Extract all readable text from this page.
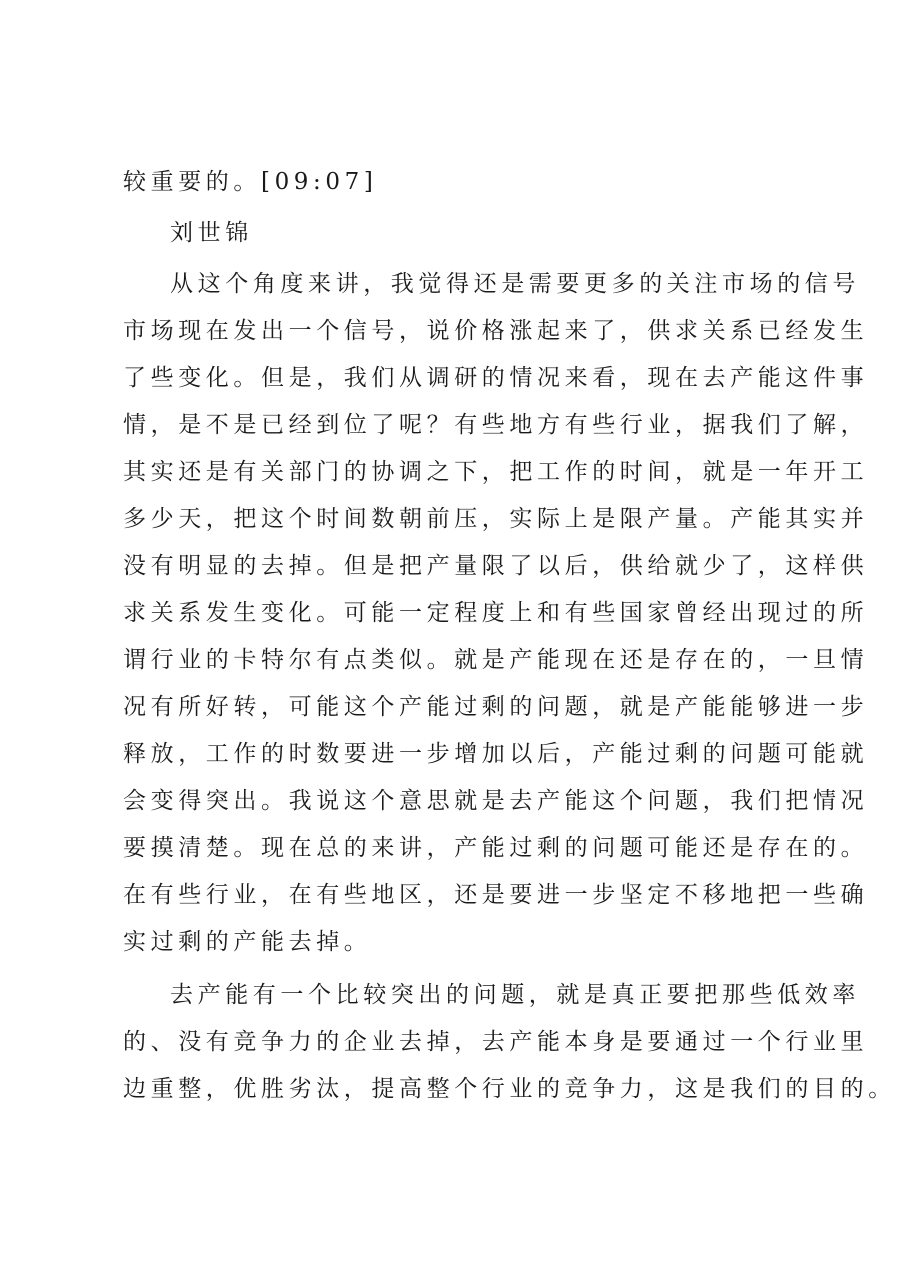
较重要的。[09:07]

刘世锦

从这个角度来讲，我觉得还是需要更多的关注市场的信号

市场现在发出一个信号，说价格涨起来了，供求关系已经发生

了些变化。但是，我们从调研的情况来看，现在去产能这件事

情，是不是已经到位了呢？有些地方有些行业，据我们了解，

其实还是有关部门的协调之下，把工作的时间，就是一年开工

多少天，把这个时间数朝前压，实际上是限产量。产能其实并

没有明显的去掉。但是把产量限了以后，供给就少了，这样供

求关系发生变化。可能一定程度上和有些国家曾经出现过的所

谓行业的卡特尔有点类似。就是产能现在还是存在的，一旦情

况有所好转，可能这个产能过剩的问题，就是产能能够进一步

释放，工作的时数要进一步增加以后，产能过剩的问题可能就

会变得突出。我说这个意思就是去产能这个问题，我们把情况

要摸清楚。现在总的来讲，产能过剩的问题可能还是存在的。

在有些行业，在有些地区，还是要进一步坚定不移地把一些确

实过剩的产能去掉。

去产能有一个比较突出的问题，就是真正要把那些低效率

的、没有竞争力的企业去掉，去产能本身是要通过一个行业里

边重整，优胜劣汰，提高整个行业的竞争力，这是我们的目的。
